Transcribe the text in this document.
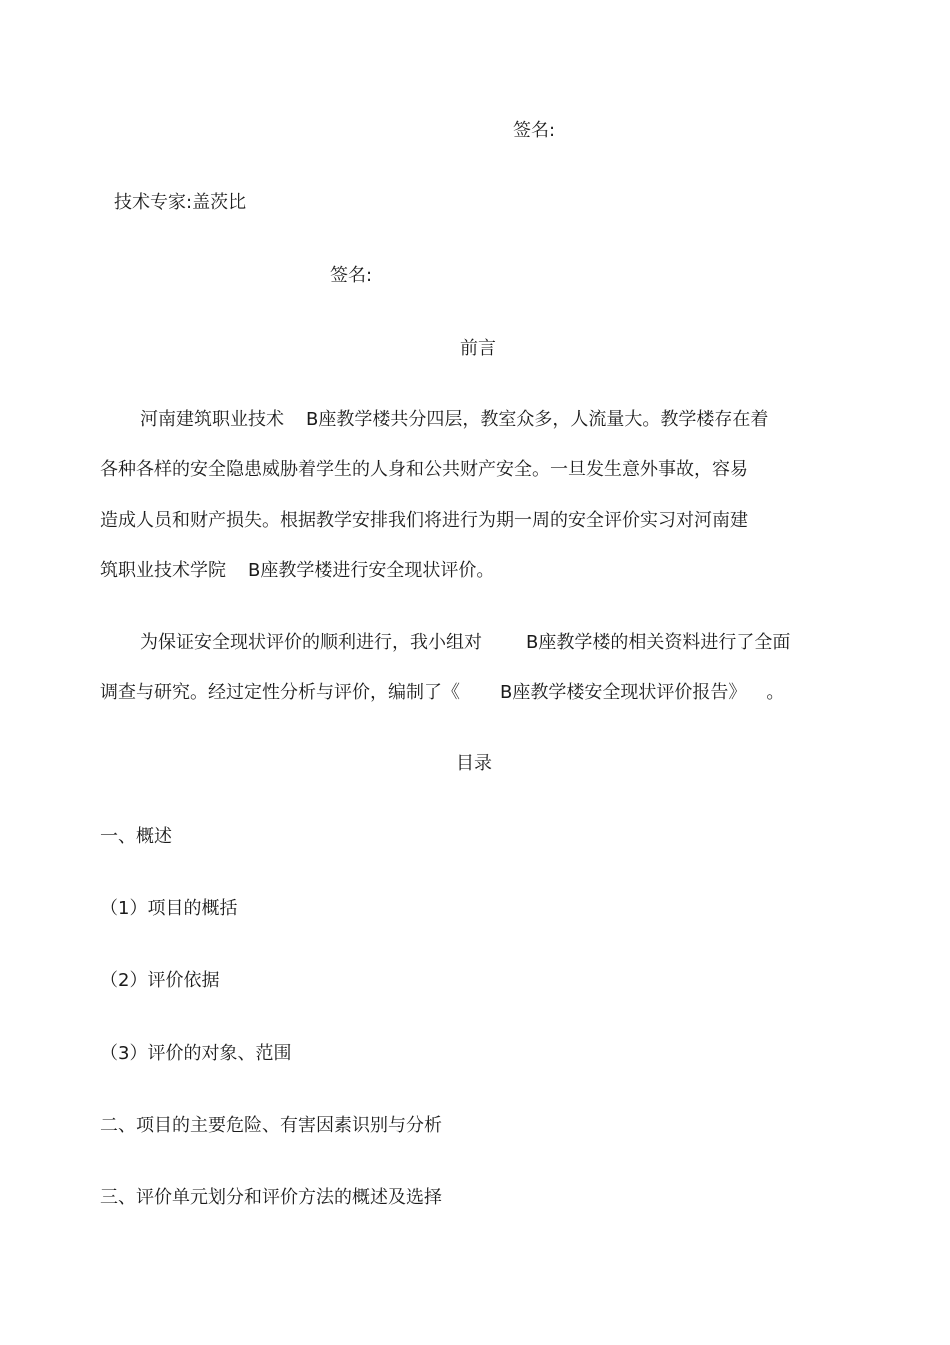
签名:
技术专家:盖茨比
签名:
前言
河南建筑职业技术 B座教学楼共分四层，教室众多，人流量大。教学楼存在着
各种各样的安全隐患威胁着学生的人身和公共财产安全。一旦发生意外事故，容易
造成人员和财产损失。根据教学安排我们将进行为期一周的安全评价实习对河南建
筑职业技术学院 B座教学楼进行安全现状评价。
为保证安全现状评价的顺利进行，我小组对 B座教学楼的相关资料进行了全面
调查与研究。经过定性分析与评价，编制了《 B座教学楼安全现状评价报告》 。
目录
一、概述
（1）项目的概括
（2）评价依据
（3）评价的对象、范围
二、项目的主要危险、有害因素识别与分析
三、评价单元划分和评价方法的概述及选择
